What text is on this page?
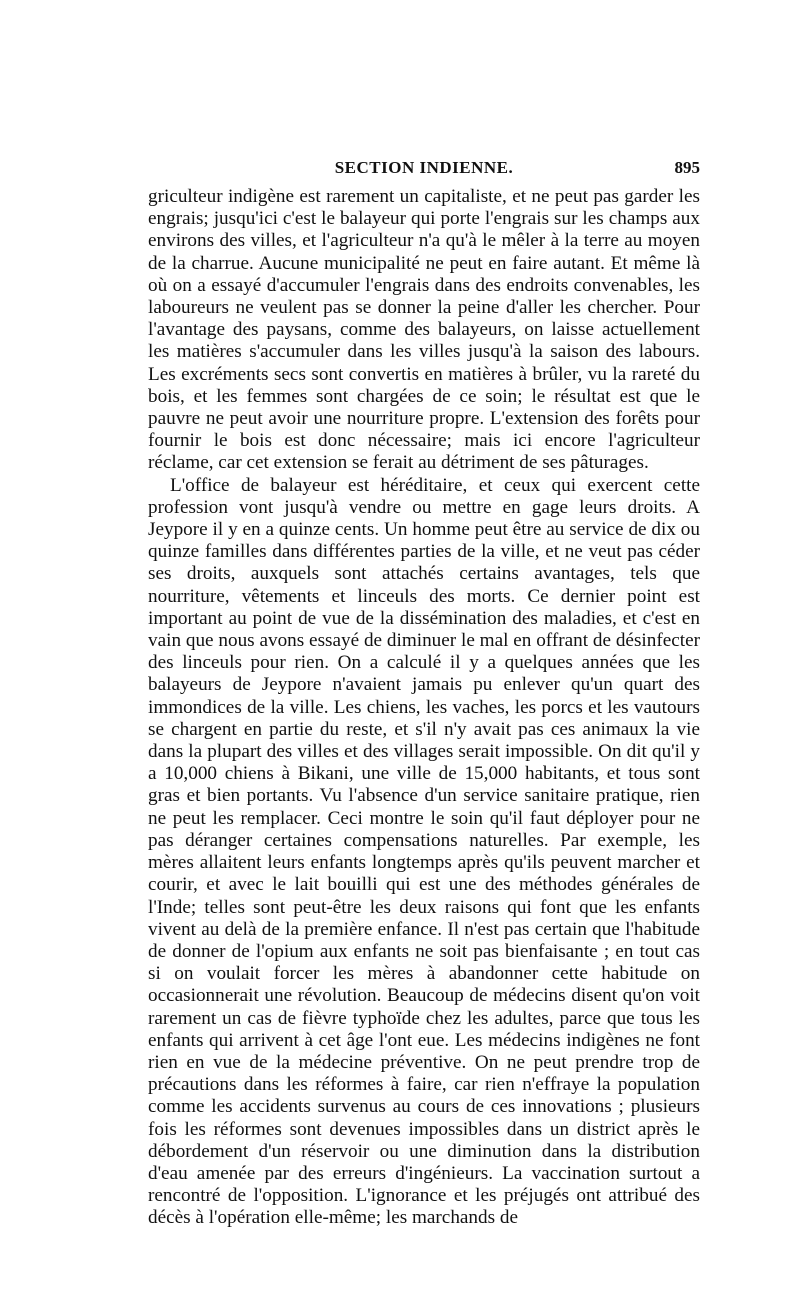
SECTION INDIENNE.	895

griculteur indigène est rarement un capitaliste, et ne peut pas garder les engrais; jusqu'ici c'est le balayeur qui porte l'engrais sur les champs aux environs des villes, et l'agriculteur n'a qu'à le mêler à la terre au moyen de la charrue. Aucune municipalité ne peut en faire autant. Et même là où on a essayé d'accumuler l'engrais dans des endroits convenables, les laboureurs ne veulent pas se donner la peine d'aller les chercher. Pour l'avantage des paysans, comme des balayeurs, on laisse actuellement les matières s'accumuler dans les villes jusqu'à la saison des labours. Les excréments secs sont convertis en matières à brûler, vu la rareté du bois, et les femmes sont chargées de ce soin; le résultat est que le pauvre ne peut avoir une nourriture propre. L'extension des forêts pour fournir le bois est donc nécessaire; mais ici encore l'agriculteur réclame, car cet extension se ferait au détriment de ses pâturages.

L'office de balayeur est héréditaire, et ceux qui exercent cette profession vont jusqu'à vendre ou mettre en gage leurs droits. A Jeypore il y en a quinze cents. Un homme peut être au service de dix ou quinze familles dans différentes parties de la ville, et ne veut pas céder ses droits, auxquels sont attachés certains avantages, tels que nourriture, vêtements et linceuls des morts. Ce dernier point est important au point de vue de la dissémination des maladies, et c'est en vain que nous avons essayé de diminuer le mal en offrant de désinfecter des linceuls pour rien. On a calculé il y a quelques années que les balayeurs de Jeypore n'avaient jamais pu enlever qu'un quart des immondices de la ville. Les chiens, les vaches, les porcs et les vautours se chargent en partie du reste, et s'il n'y avait pas ces animaux la vie dans la plupart des villes et des villages serait impossible. On dit qu'il y a 10,000 chiens à Bikani, une ville de 15,000 habitants, et tous sont gras et bien portants. Vu l'absence d'un service sanitaire pratique, rien ne peut les remplacer. Ceci montre le soin qu'il faut déployer pour ne pas déranger certaines compensations naturelles. Par exemple, les mères allaitent leurs enfants longtemps après qu'ils peuvent marcher et courir, et avec le lait bouilli qui est une des méthodes générales de l'Inde; telles sont peut-être les deux raisons qui font que les enfants vivent au delà de la première enfance. Il n'est pas certain que l'habitude de donner de l'opium aux enfants ne soit pas bienfaisante ; en tout cas si on voulait forcer les mères à abandonner cette habitude on occasionnerait une révolution. Beaucoup de médecins disent qu'on voit rarement un cas de fièvre typhoïde chez les adultes, parce que tous les enfants qui arrivent à cet âge l'ont eue. Les médecins indigènes ne font rien en vue de la médecine préventive. On ne peut prendre trop de précautions dans les réformes à faire, car rien n'effraye la population comme les accidents survenus au cours de ces innovations ; plusieurs fois les réformes sont devenues impossibles dans un district après le débordement d'un réservoir ou une diminution dans la distribution d'eau amenée par des erreurs d'ingénieurs. La vaccination surtout a rencontré de l'opposition. L'ignorance et les préjugés ont attribué des décès à l'opération elle-même; les marchands de
